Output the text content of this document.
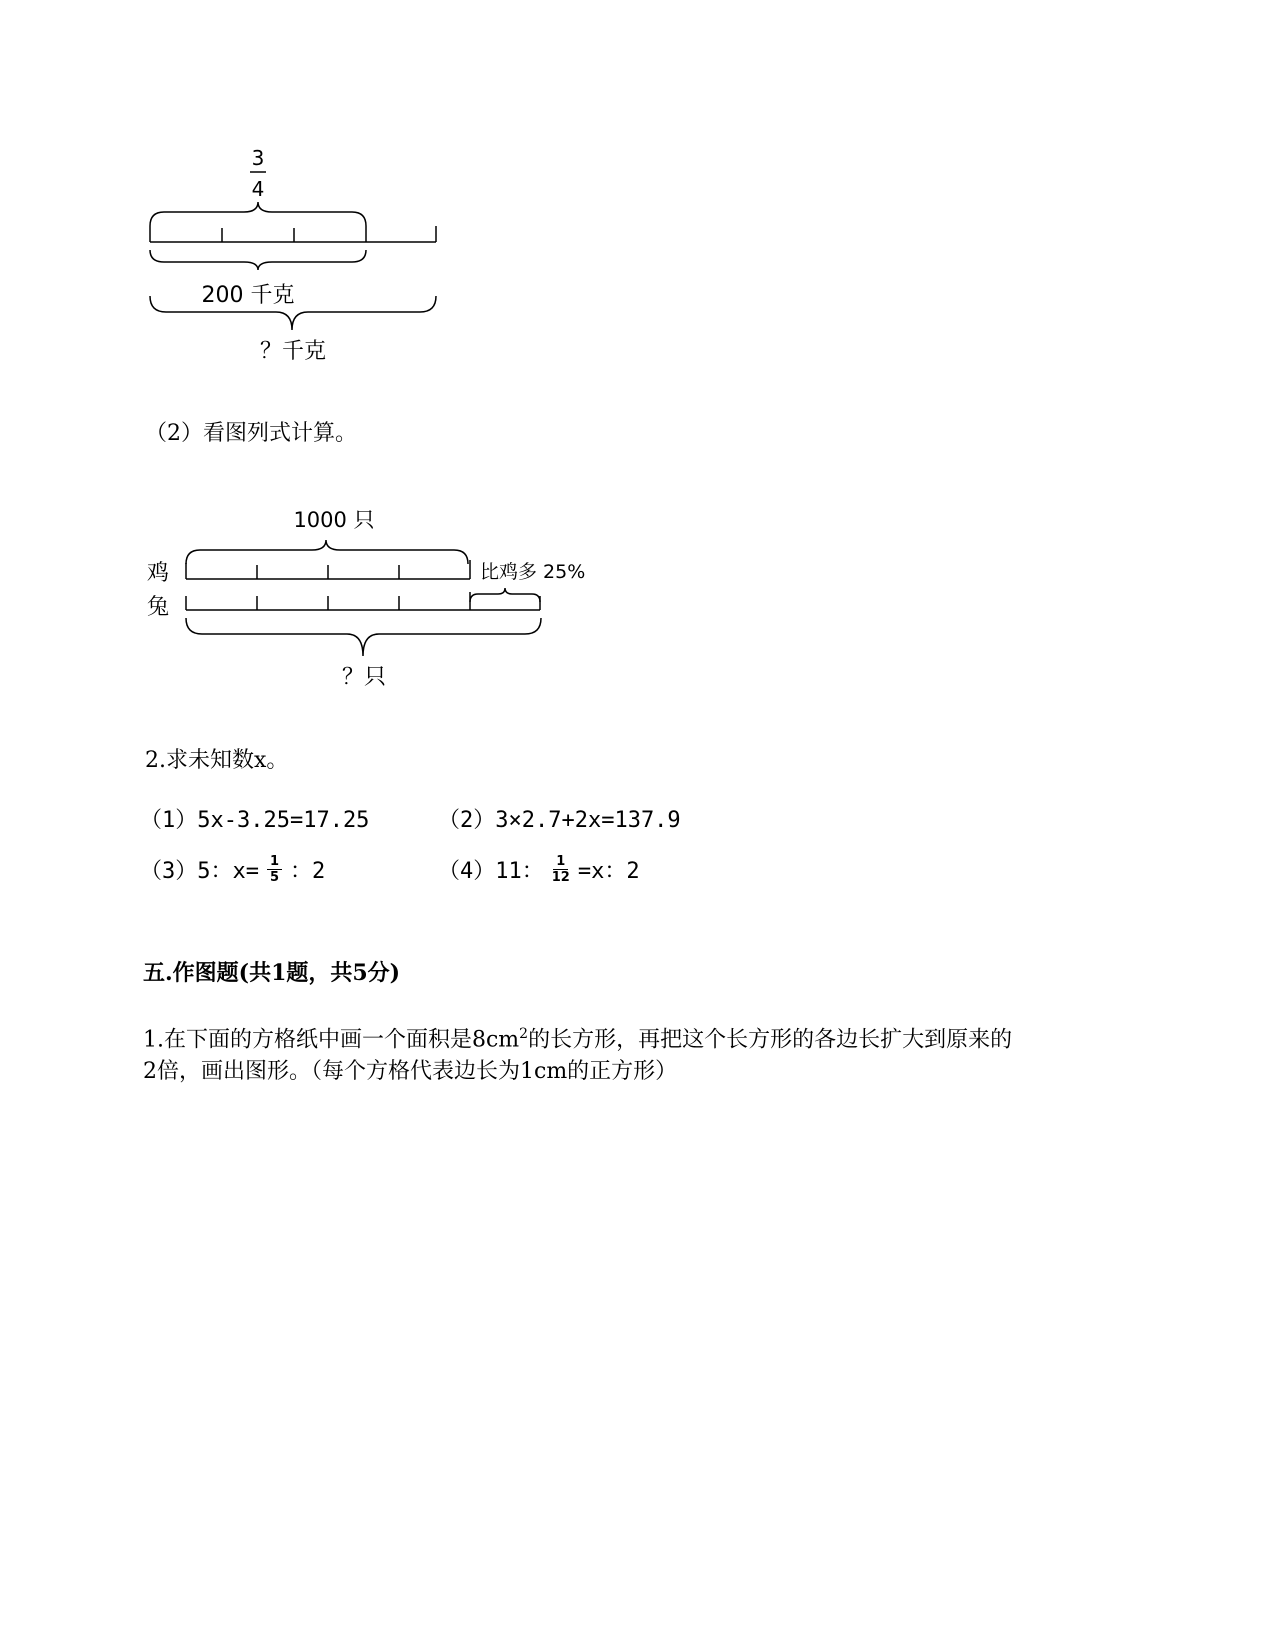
3
4
200 千克
？千克
（2）看图列式计算。
1000 只
鸡	比鸡多 25%
兔
？只
2.求未知数x。
（1）5x-3.25=17.25	（2）3×2.7+2x=137.9
（3）5：$x= \frac{1}{5}$ ：2	（4）11： $\frac{1}{12} =x$：2
五.作图题(共1题，共5分)
1.在下面的方格纸中画一个面积是$8cm^2$的长方形，再把这个长方形的各边长扩大到原来的
2倍，画出图形。（每个方格代表边长为1cm的正方形）
